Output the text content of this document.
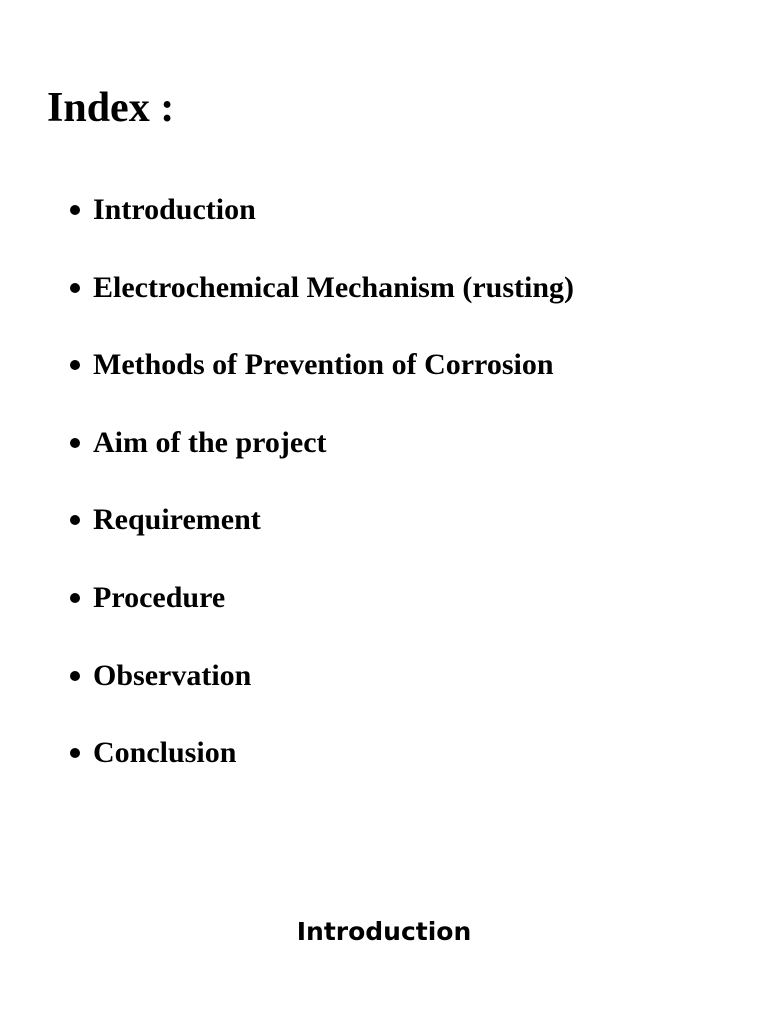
Index :
Introduction
Electrochemical Mechanism (rusting)
Methods of Prevention of Corrosion
Aim of the project
Requirement
Procedure
Observation
Conclusion
Introduction
